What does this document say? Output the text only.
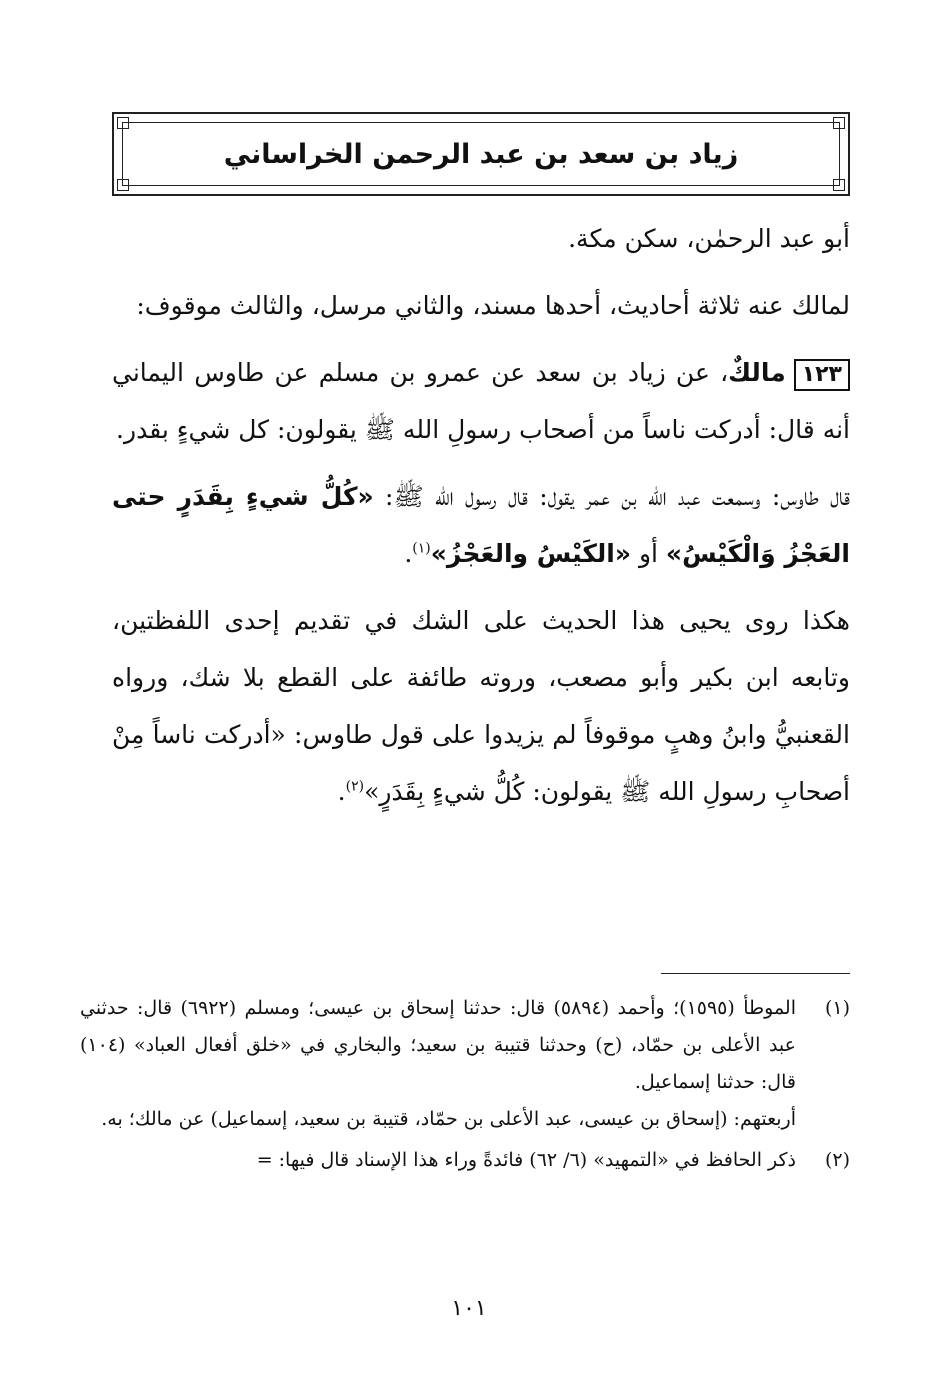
زياد بن سعد بن عبد الرحمن الخراساني

أبو عبد الرحمٰن، سكن مكة.

لمالك عنه ثلاثة أحاديث، أحدها مسند، والثاني مرسل، والثالث موقوف:

١٢٣مالكٌ، عن زياد بن سعد عن عمرو بن مسلم عن طاوس اليماني أنه قال: أدركت ناساً من أصحاب رسولِ الله ﷺ يقولون: كل شيءٍ بقدر.

قال طاوس: وسمعت عبد الله بن عمر يقول: قال رسول الله ﷺ: «كُلُّ شيءٍ بِقَدَرٍ حتى العَجْزُ وَالْكَيْسُ» أو «الكَيْسُ والعَجْزُ»$^{(١)}$.

هكذا روى يحيى هذا الحديث على الشك في تقديم إحدى اللفظتين، وتابعه ابن بكير وأبو مصعب، وروته طائفة على القطع بلا شك، ورواه القعنبيُّ وابنُ وهبٍ موقوفاً لم يزيدوا على قول طاوس: «أدركت ناساً مِنْ أصحابِ رسولِ الله ﷺ يقولون: كُلُّ شيءٍ بِقَدَرٍ»$^{(٢)}$.

(١)
الموطأ (١٥٩٥)؛ وأحمد (٥٨٩٤) قال: حدثنا إسحاق بن عيسى؛ ومسلم (٦٩٢٢) قال: حدثني عبد الأعلى بن حمّاد، (ح) وحدثنا قتيبة بن سعيد؛ والبخاري في «خلق أفعال العباد» (١٠٤) قال: حدثنا إسماعيل.
أربعتهم: (إسحاق بن عيسى، عبد الأعلى بن حمّاد، قتيبة بن سعيد، إسماعيل) عن مالك؛ به.
(٢)
ذكر الحافظ في «التمهيد» (٦/ ٦٢) فائدةً وراء هذا الإسناد قال فيها: =
١٠١
